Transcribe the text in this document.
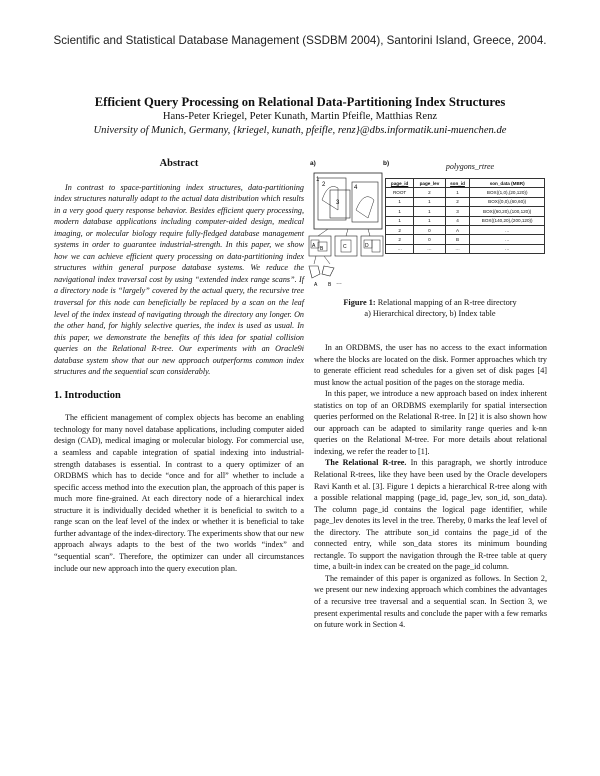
Scientific and Statistical Database Management (SSDBM 2004), Santorini Island, Greece, 2004.
Efficient Query Processing on Relational Data-Partitioning Index Structures
Hans-Peter Kriegel, Peter Kunath, Martin Pfeifle, Matthias Renz
University of Munich, Germany, {kriegel, kunath, pfeifle, renz}@dbs.informatik.uni-muenchen.de
Abstract

In contrast to space-partitioning index structures, data-partitioning index structures naturally adapt to the actual data distribution which results in a very good query response behavior. Besides efficient query processing, modern database applications including computer-aided design, medical imaging, or molecular biology require fully-fledged database management systems in order to guarantee industrial-strength. In this paper, we show how we can achieve efficient query processing on data-partitioning index structures within general purpose database systems. We reduce the navigational index traversal cost by using “extended index range scans”. If a directory node is “largely” covered by the actual query, the recursive tree traversal for this node can beneficially be replaced by a scan on the leaf level of the index instead of navigating through the directory any longer. On the other hand, for highly selective queries, the index is used as usual. In this paper, we demonstrate the benefits of this idea for spatial collision queries on the Relational R-tree. Our experiments with an Oracle9i database system show that our new approach outperforms common index structures and the sequential scan considerably.

1. Introduction

The efficient management of complex objects has become an enabling technology for many novel database applications, including computer aided design (CAD), medical imaging or molecular biology. For commercial use, a seamless and capable integration of spatial indexing into industrial-strength databases is essential. In contrast to a query optimizer of an ORDBMS which has to decide “once and for all” whether to include a specific access method into the execution plan, the approach of this paper is much more fine-grained. At each directory node of a hierarchical index structure it is individually decided whether it is beneficial to switch to a range scan on the leaf level of the index or whether it is beneficial to take further advantage of the index-directory. The experiments show that our new approach always adapts to the best of the two worlds “index” and “sequential scan”. Therefore, the optimizer can under all circumstances include our new approach into the query execution plan.

a)	b)	polygons_rtree
1
2
3
4
A B	C	D
A B …
page_id	page_lev	son_id	son_data (MBR)
ROOT	2	1	BOX((1,0),(20,120))
1	1	2	BOX((0,0),(60,60))
1	1	3	BOX((60,20),(100,120))
1	1	4	BOX((140,20),(200,120))
2	0	A	…
2	0	B	…
…	…	…	…
Figure 1: Relational mapping of an R-tree directory
a) Hierarchical directory, b) Index table

In an ORDBMS, the user has no access to the exact information where the blocks are located on the disk. Former approaches which try to generate efficient read schedules for a given set of disk pages [4] must know the actual position of the pages on the storage media.

In this paper, we introduce a new approach based on index inherent statistics on top of an ORDBMS exemplarily for spatial intersection queries performed on the Relational R-tree. In [2] it is also shown how our approach can be adapted to similarity range queries and k-nn queries on the Relational M-tree. For more details about relational indexing, we refer the reader to [1].

The Relational R-tree. In this paragraph, we shortly introduce Relational R-trees, like they have been used by the Oracle developers Ravi Kanth et al. [3]. Figure 1 depicts a hierarchical R-tree along with a possible relational mapping (page_id, page_lev, son_id, son_data). The column page_id contains the logical page identifier, while page_lev denotes its level in the tree. Thereby, 0 marks the leaf level of the directory. The attribute son_id contains the page_id of the connected entry, while son_data stores its minimum bounding rectangle. To support the navigation through the R-tree table at query time, a built-in index can be created on the page_id column.

The remainder of this paper is organized as follows. In Section 2, we present our new indexing approach which combines the advantages of a recursive tree traversal and a sequential scan. In Section 3, we present experimental results and conclude the paper with a few remarks on future work in Section 4.
